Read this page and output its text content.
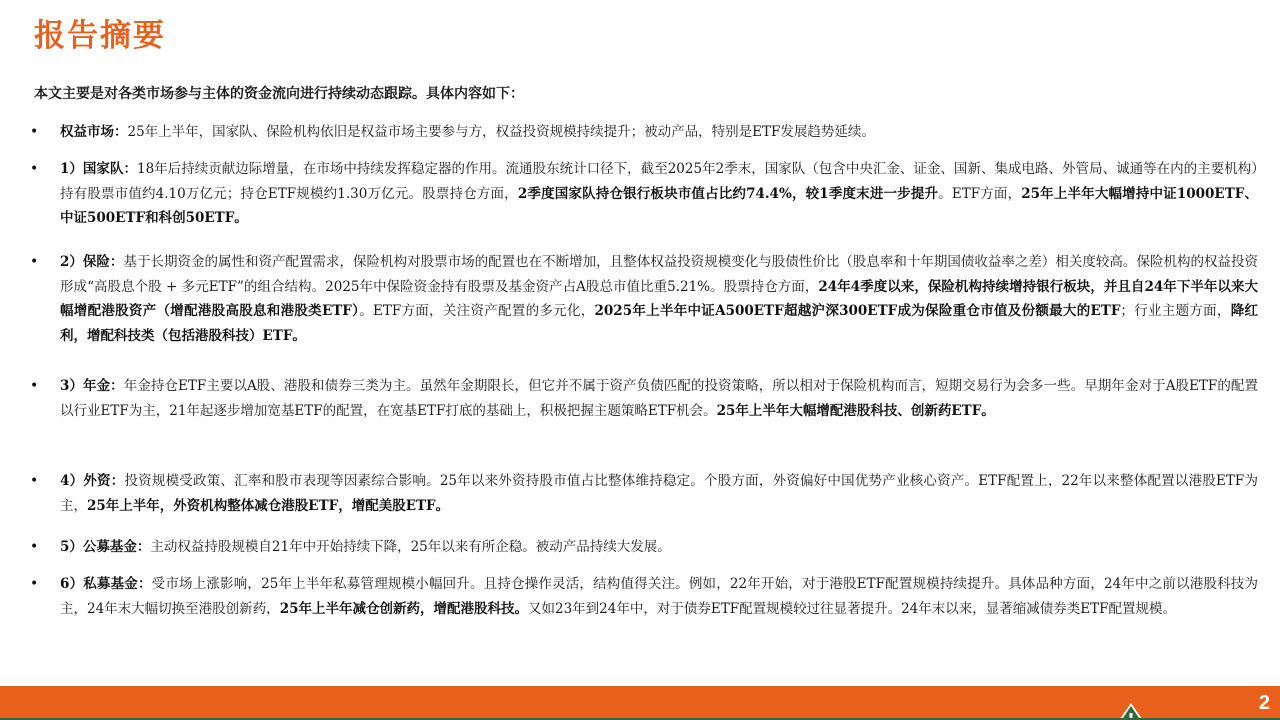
报告摘要
本文主要是对各类市场参与主体的资金流向进行持续动态跟踪。具体内容如下：
•	权益市场：25年上半年，国家队、保险机构依旧是权益市场主要参与方，权益投资规模持续提升；被动产品，特别是ETF发展趋势延续。
•	1）国家队：18年后持续贡献边际增量，在市场中持续发挥稳定器的作用。流通股东统计口径下，截至2025年2季末，国家队（包含中央汇金、证金、国新、集成电路、外管局、诚通等在内的主要机构）持有股票市值约4.10万亿元；持仓ETF规模约1.30万亿元。股票持仓方面，2季度国家队持仓银行板块市值占比约74.4%，较1季度末进一步提升。ETF方面，25年上半年大幅增持中证1000ETF、中证500ETF和科创50ETF。
•	2）保险：基于长期资金的属性和资产配置需求，保险机构对股票市场的配置也在不断增加，且整体权益投资规模变化与股债性价比（股息率和十年期国债收益率之差）相关度较高。保险机构的权益投资形成“高股息个股 + 多元ETF”的组合结构。2025年中保险资金持有股票及基金资产占A股总市值比重5.21%。股票持仓方面，24年4季度以来，保险机构持续增持银行板块，并且自24年下半年以来大幅增配港股资产（增配港股高股息和港股类ETF）。ETF方面，关注资产配置的多元化，2025年上半年中证A500ETF超越沪深300ETF成为保险重仓市值及份额最大的ETF；行业主题方面，降红利，增配科技类（包括港股科技）ETF。
•	3）年金：年金持仓ETF主要以A股、港股和债券三类为主。虽然年金期限长，但它并不属于资产负债匹配的投资策略，所以相对于保险机构而言，短期交易行为会多一些。早期年金对于A股ETF的配置以行业ETF为主，21年起逐步增加宽基ETF的配置，在宽基ETF打底的基础上，积极把握主题策略ETF机会。25年上半年大幅增配港股科技、创新药ETF。
•	4）外资：投资规模受政策、汇率和股市表现等因素综合影响。25年以来外资持股市值占比整体维持稳定。个股方面，外资偏好中国优势产业核心资产。ETF配置上，22年以来整体配置以港股ETF为主，25年上半年，外资机构整体减仓港股ETF，增配美股ETF。
•	5）公募基金：主动权益持股规模自21年中开始持续下降，25年以来有所企稳。被动产品持续大发展。
•	6）私募基金：受市场上涨影响，25年上半年私募管理规模小幅回升。且持仓操作灵活，结构值得关注。例如，22年开始，对于港股ETF配置规模持续提升。具体品种方面，24年中之前以港股科技为主，24年末大幅切换至港股创新药，25年上半年减仓创新药，增配港股科技。又如23年到24年中，对于债券ETF配置规模较过往显著提升。24年末以来，显著缩减债券类ETF配置规模。
2
